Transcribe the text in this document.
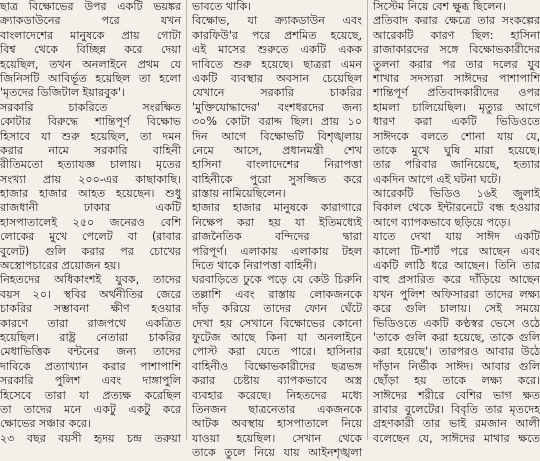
ছাত্র বিক্ষোভের উপর একটি ভয়ঙ্কর
ক্র্যাকডাউনের পরে যখন
বাংলাদেশের মানুষকে প্রায় গোটা
বিশ্ব থেকে বিচ্ছিন্ন করে দেয়া
হয়েছিল, তখন অনলাইনে প্রথম যে
জিনিসটি আবির্ভূত হয়েছিল তা হলো
'মৃতদের ডিজিটাল ইয়ারবুক'।
সরকারি চাকরিতে সংরক্ষিত
কোটার বিরুদ্ধে শান্তিপূর্ণ বিক্ষোভ
হিসাবে যা শুরু হয়েছিল, তা দমন
করার নামে সরকারি বাহিনী
রীতিমতো হত্যাযজ্ঞ চালায়। মৃতের
সংখ্যা প্রায় ২০০-এর কাছাকাছি।
হাজার হাজার আহত হয়েছেন। শুধু
রাজধানী ঢাকার একটি
হাসপাতালেই ২৫০ জনেরও বেশি
লোকের মুখে পেলেট বা (রাবার
বুলেট) গুলি করার পর চোখের
অস্ত্রোপচারের প্রয়োজন হয়।
নিহতদের অধিকাংশই যুবক, তাদের
বয়স ২০। স্থবির অর্থনীতির জেরে
চাকরির সম্ভাবনা ক্ষীণ হওয়ার
কারণে তারা রাজপথে একত্রিত
হয়েছিল। রাষ্ট্র নেতারা চাকরির
মেধাভিত্তিক বন্টনের জন্য তাদের
দাবিকে প্রত্যাখ্যান করার পাশাপাশি
সরকারি পুলিশ এবং দাঙ্গাপুলি
হিসেবে তারা যা প্রত্যক্ষ করেছিল
তা তাদের মনে একটু একটু করে
ক্ষোভের সঞ্চার করে।
২৩ বছর বয়সী হৃদয় চন্দ্র তরুয়া
ভাবতে থাকি।
বিক্ষোভ, যা ক্র্যাকডাউন এবং
কারফিউ'র পরে প্রশমিত হয়েছে,
এই মাসের শুরুতে একটি একক
দাবিতে শুরু হয়েছে। ছাত্ররা এমন
একটি ব্যবস্থার অবসান চেয়েছিল
যেখানে সরকারি চাকরির
'মুক্তিযোদ্ধাদের' বংশধরদের জন্য
৩০% কোটা বরাদ্দ ছিল। প্রায় ১০
দিন আগে বিক্ষোভটি বিশৃঙ্খলায়
নেমে আসে, প্রধানমন্ত্রী শেখ
হাসিনা বাংলাদেশের নিরাপত্তা
বাহিনীকে পুরো সুসজ্জিত করে
রাস্তায় নামিয়েছিলেন।
হাজার হাজার মানুষকে কারাগারে
নিক্ষেপ করা হয় যা ইতিমধ্যেই
রাজনৈতিক বন্দিদের দ্বারা
পরিপূর্ণ। এলাকায় এলাকায় টহল
দিতে থাকে নিরাপত্তা বাহিনী।
ঘরবাড়িতে ঢুকে পড়ে যে কেউ চিরুনি
তল্লাশি এবং রাস্তায় লোকজনকে
দাঁড় করিয়ে তাদের ফোন ঘেঁটে
দেখা হয় সেখানে বিক্ষোভের কোনো
ফুটেজ আছে কিনা যা অনলাইনে
পোস্ট করা যেতে পারে। হাসিনার
বাহিনীও বিক্ষোভকারীদের ছত্রভঙ্গ
করার চেষ্টায় ব্যাপকভাবে অস্ত্র
ব্যবহার করেছে। নিহতদের মধ্যে
তিনজন ছাত্রনেতার একজনকে
আটক অবস্থায় হাসপাতালে নিয়ে
যাওয়া হয়েছিল। সেখান থেকে
তাকে তুলে নিয়ে যায় আইনশৃঙ্খলা
সিস্টেম নিয়ে বেশ ক্ষুব্ধ ছিলেন।
প্রতিবাদ করার ক্ষেত্রে তার সংকল্পের
আরেকটি কারণ ছিল: হাসিনা
রাজাকারদের সঙ্গে বিক্ষোভকারীদের
তুলনা করার পর তার দলের যুব
শাখার সদস্যরা সাঈদের পাশাপাশি
শান্তিপূর্ণ প্রতিবাদকারীদের ওপর
হামলা চালিয়েছিল। মৃত্যুর আগে
ধারণ করা একটি ভিডিওতে
সাঈদকে বলতে শোনা যায় যে,
তাকে মুখে ঘুষি মারা হয়েছে।
তার পরিবার জানিয়েছে, হত্যার
একদিন আগে এই ঘটনা ঘটে।
আরেকটি ভিডিও ১৬ই জুলাই
বিকাল থেকে ইন্টারনেটে বন্ধ হওয়ার
আগে ব্যাপকভাবে ছড়িয়ে পড়ে।
যাতে দেখা যায় সাঈদ একটি
কালো টি-শার্ট পরে আছেন এবং
একটি লাঠি ধরে আছেন। তিনি তার
বাহু প্রসারিত করে দাঁড়িয়ে আছেন
যখন পুলিশ অফিসাররা তাদের লক্ষ্য
করে গুলি চালায়। সেই সময়ে
ভিডিওতে একটি কণ্ঠস্বর ভেসে ওঠে
'তাকে গুলি করা হয়েছে, তাকে গুলি
করা হয়েছে'। তারপরও আবার উঠে
দাঁড়ান নির্ভীক সাঈদ। আবার গুলি
ছোঁড়া হয় তাকে লক্ষ্য করে।
সাঈদের শরীরে বেশির ভাগ ক্ষত
রাবার বুলেটের। বিবৃতি তার মৃতদেহ
গ্রহণকারী তার ভাই রমজান আলী
বলেছেন যে, সাঈদের মাথার ক্ষতে
